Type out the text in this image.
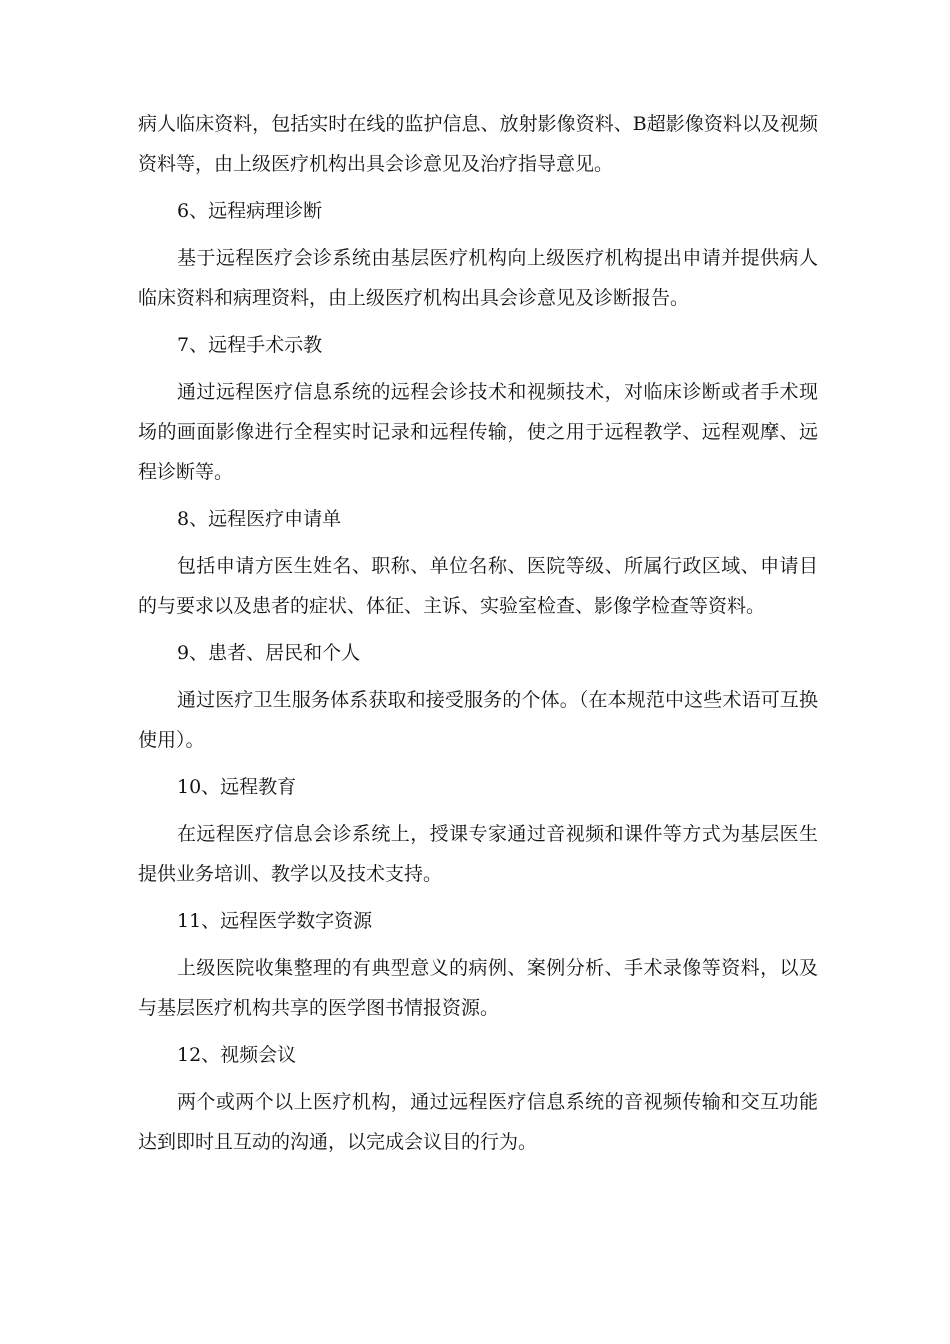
病人临床资料，包括实时在线的监护信息、放射影像资料、B超影像资料以及视频资料等，由上级医疗机构出具会诊意见及治疗指导意见。

6、远程病理诊断

基于远程医疗会诊系统由基层医疗机构向上级医疗机构提出申请并提供病人临床资料和病理资料，由上级医疗机构出具会诊意见及诊断报告。

7、远程手术示教

通过远程医疗信息系统的远程会诊技术和视频技术，对临床诊断或者手术现场的画面影像进行全程实时记录和远程传输，使之用于远程教学、远程观摩、远程诊断等。

8、远程医疗申请单

包括申请方医生姓名、职称、单位名称、医院等级、所属行政区域、申请目的与要求以及患者的症状、体征、主诉、实验室检查、影像学检查等资料。

9、患者、居民和个人

通过医疗卫生服务体系获取和接受服务的个体。（在本规范中这些术语可互换使用）。

10、远程教育

在远程医疗信息会诊系统上，授课专家通过音视频和课件等方式为基层医生提供业务培训、教学以及技术支持。

11、远程医学数字资源

上级医院收集整理的有典型意义的病例、案例分析、手术录像等资料，以及与基层医疗机构共享的医学图书情报资源。

12、视频会议

两个或两个以上医疗机构，通过远程医疗信息系统的音视频传输和交互功能达到即时且互动的沟通，以完成会议目的行为。
